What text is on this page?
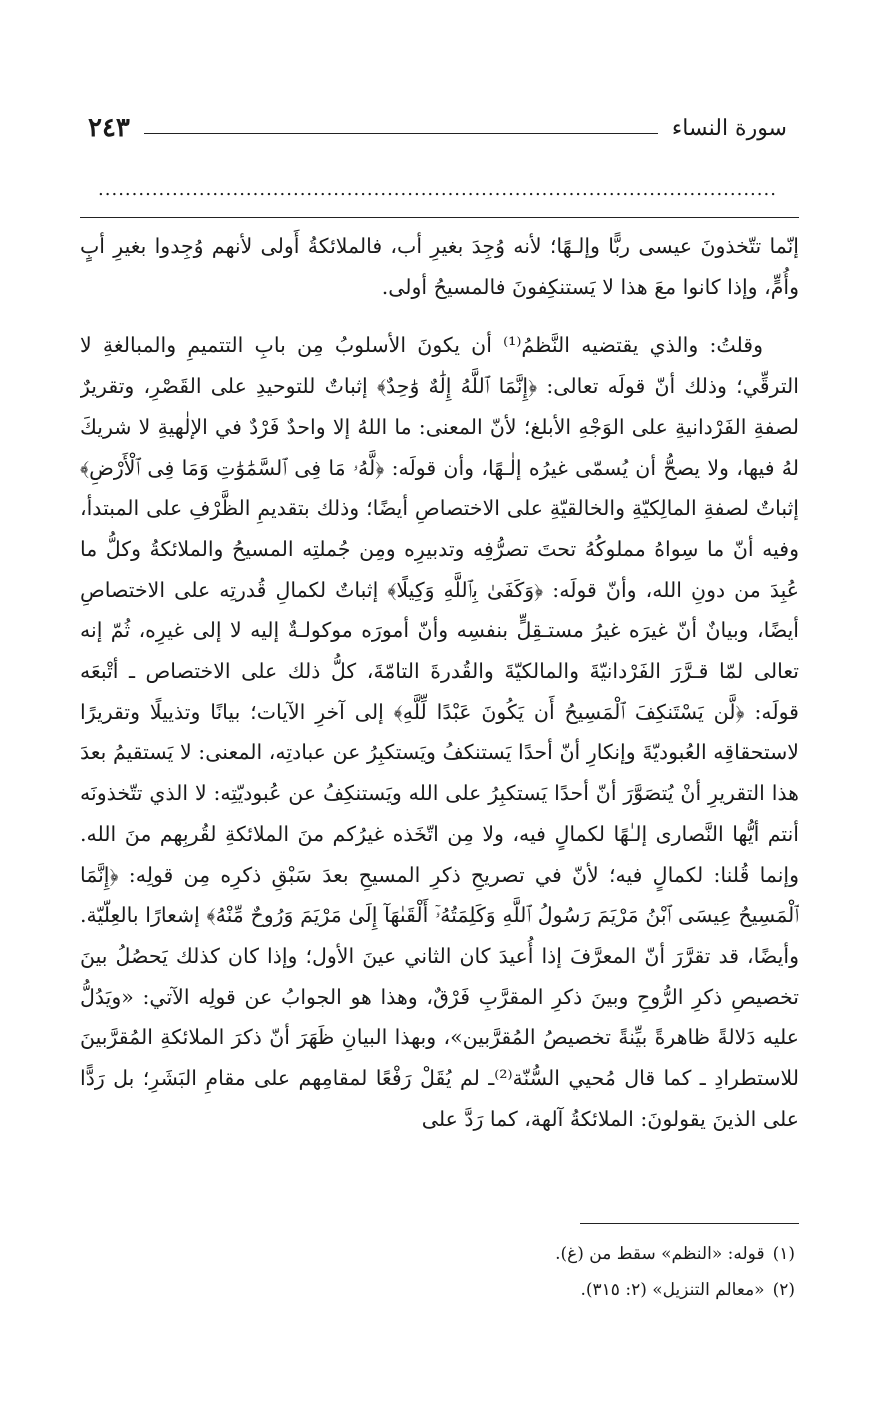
سورة النساء
٢٤٣
.....................................................................................................

إنّما تتّخذونَ عيسى ربًّا وإلـهًا؛ لأنه وُجِدَ بغيرِ أب، فالملائكةُ أَولى لأنهم وُجِدوا بغيرِ أبٍ وأُمٍّ، وإذا كانوا معَ هذا لا يَستنكِفونَ فالمسيحُ أولى.

وقلتُ: والذي يقتضيه النَّظمُ⁽¹⁾ أن يكونَ الأسلوبُ مِن بابِ التتميمِ والمبالغةِ لا الترقِّي؛ وذلك أنّ قولَه تعالى: ﴿إِنَّمَا ٱللَّهُ إِلَٰهٌ وَٰحِدٌ﴾ إثباتٌ للتوحيدِ على القَصْرِ، وتقريرٌ لصفةِ الفَرْدانيةِ على الوَجْهِ الأبلغ؛ لأنّ المعنى: ما اللهُ إلا واحدٌ فَرْدٌ في الإلٰهيةِ لا شريكَ لهُ فيها، ولا يصحُّ أن يُسمّى غيرُه إلٰـهًا، وأن قولَه: ﴿لَّهُۥ مَا فِى ٱلسَّمَٰوَٰتِ وَمَا فِى ٱلْأَرْضِ﴾ إثباتٌ لصفةِ المالِكيّةِ والخالقيّةِ على الاختصاصِ أيضًا؛ وذلك بتقديمِ الظَّرْفِ على المبتدأ، وفيه أنّ ما سِواهُ مملوكُهُ تحتَ تصرُّفِه وتدبيرِه ومِن جُملتِه المسيحُ والملائكةُ وكلُّ ما عُبِدَ من دونِ الله، وأنّ قولَه: ﴿وَكَفَىٰ بِٱللَّهِ وَكِيلًا﴾ إثباتٌ لكمالِ قُدرتِه على الاختصاصِ أيضًا، وبيانٌ أنّ غيرَه غيرُ مستـقِلٍّ بنفسِه وأنّ أمورَه موكولـةٌ إليه لا إلى غيرِه، ثُمّ إنه تعالى لمّا قـرَّرَ الفَرْدانيّةَ والمالكيّةَ والقُدرةَ التامّةَ، كلُّ ذلك على الاختصاص ـ أتْبعَه قولَه: ﴿لَّن يَسْتَنكِفَ ٱلْمَسِيحُ أَن يَكُونَ عَبْدًا لِّلَّهِ﴾ إلى آخرِ الآيات؛ بيانًا وتذييلًا وتقريرًا لاستحقاقِه العُبوديّةَ وإنكارِ أنّ أحدًا يَستنكفُ ويَستكبِرُ عن عبادتِه، المعنى: لا يَستقيمُ بعدَ هذا التقريرِ أنْ يُتصَوَّرَ أنّ أحدًا يَستكبِرُ على الله ويَستنكِفُ عن عُبوديّتِه: لا الذي تتّخذونَه أنتم أيُّها النَّصارى إلـٰهًا لكمالٍ فيه، ولا مِن اتّخَذه غيرُكم منَ الملائكةِ لقُربِهم منَ الله. وإنما قُلنا: لكمالٍ فيه؛ لأنّ في تصريحِ ذكرِ المسيحِ بعدَ سَبْقِ ذكرِه مِن قولِه: ﴿إِنَّمَا ٱلْمَسِيحُ عِيسَى ٱبْنُ مَرْيَمَ رَسُولُ ٱللَّهِ وَكَلِمَتُهُۥٓ أَلْقَىٰهَآ إِلَىٰ مَرْيَمَ وَرُوحٌ مِّنْهُ﴾ إشعارًا بالعِلّيّة. وأيضًا، قد تقرَّرَ أنّ المعرَّفَ إذا أُعيدَ كان الثاني عينَ الأول؛ وإذا كان كذلك يَحصُلُ بينَ تخصيصِ ذكرِ الرُّوحِ وبينَ ذكرِ المقرَّبِ فَرْقٌ، وهذا هو الجوابُ عن قولِه الآتي: «ويَدُلُّ عليه دَلالةً ظاهرةً بيِّنةً تخصيصُ المُقرَّبين»، وبهذا البيانِ ظَهَرَ أنّ ذكرَ الملائكةِ المُقرَّبينَ للاستطرادِ ـ كما قال مُحيي السُّنّة⁽²⁾ـ لم يُقَلْ رَفْعًا لمقامِهم على مقامِ البَشَرِ؛ بل رَدًّا على الذينَ يقولونَ: الملائكةُ آلهة، كما رَدَّ على

(١)قوله: «النظم» سقط من (غ).

(٢)«معالم التنزيل» (٢: ٣١٥).
